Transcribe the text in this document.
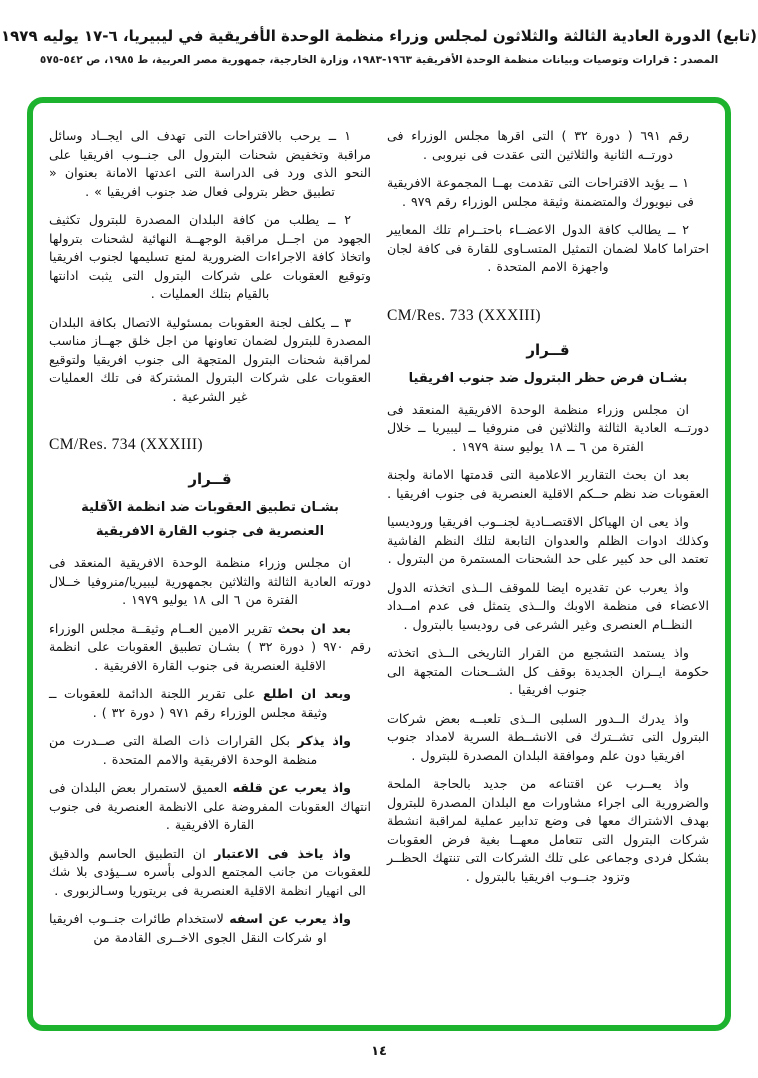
(تابع) الدورة العادية الثالثة والثلاثون لمجلس وزراء منظمة الوحدة الأفريقية في ليبيريا، ٦-١٧ يوليه ١٩٧٩
المصدر : قرارات وتوصيات وبيانات منظمة الوحدة الأفريقية ١٩٦٣-١٩٨٣، وزارة الخارجية، جمهورية مصر العربية، ط ١٩٨٥، ص ٥٤٢-٥٧٥

رقم ٦٩١ ( دورة ٣٢ ) التى اقرها مجلس الوزراء فى دورتــه الثانية والثلاثين التى عقدت فى نيروبى .

١ ــ يؤيد الاقتراحات التى تقدمت بهــا المجموعة الافريقية فى نيويورك والمتضمنة وثيقة مجلس الوزراء رقم ٩٧٩ .

٢ ــ يطالب كافة الدول الاعضــاء باحتــرام تلك المعايير احتراما كاملا لضمان التمثيل المتسـاوى للقارة فى كافة لجان واجهزة الامم المتحدة .

CM/Res. 733 (XXXIII)
قــرار
بشـان فرض حظر البترول ضد جنوب افريقيا

ان مجلس وزراء منظمة الوحدة الافريقية المنعقد فى دورتــه العادية الثالثة والثلاثين فى منروفيا ــ ليبيريا ــ خلال الفترة من ٦ ــ ١٨ يوليو سنة ١٩٧٩ .

بعد ان بحث التقارير الاعلامية التى قدمتها الامانة ولجنة العقوبات ضد نظم حــكم الاقلية العنصرية فى جنوب افريقيا .

واذ يعى ان الهياكل الاقتصــادية لجنــوب افريقيا وروديسيا وكذلك ادوات الظلم والعدوان التابعة لتلك النظم الفاشية تعتمد الى حد كبير على حد الشحنات المستمرة من البترول .

واذ يعرب عن تقديره ايضا للموقف الــذى اتخذته الدول الاعضاء فى منظمة الاوبك والــذى يتمثل فى عدم امــداد النظــام العنصرى وغير الشرعى فى روديسيا بالبترول .

واذ يستمد التشجيع من القرار التاريخى الــذى اتخذته حكومة ايــران الجديدة بوقف كل الشــحنات المتجهة الى جنوب افريقيا .

واذ يدرك الــدور السلبى الــذى تلعبــه بعض شركات البترول التى تشــترك فى الانشــطة السرية لامداد جنوب افريقيا دون علم وموافقة البلدان المصدرة للبترول .

واذ يعــرب عن اقتناعه من جديد بالحاجة الملحة والضرورية الى اجراء مشاورات مع البلدان المصدرة للبترول بهدف الاشتراك معها فى وضع تدابير عملية لمراقبة انشطة شركات البترول التى تتعامل معهــا بغية فرض العقوبات بشكل فردى وجماعى على تلك الشركات التى تنتهك الحظــر وتزود جنــوب افريقيا بالبترول .

١ ــ يرحب بالاقتراحات التى تهدف الى ايجــاد وسائل مراقبة وتخفيض شحنات البترول الى جنــوب افريقيا على النحو الذى ورد فى الدراسة التى اعدتها الامانة بعنوان « تطبيق حظر بترولى فعال ضد جنوب افريقيا » .

٢ ــ يطلب من كافة البلدان المصدرة للبترول تكثيف الجهود من اجــل مراقبة الوجهــة النهائية لشحنات بترولها واتخاذ كافة الاجراءات الضرورية لمنع تسليمها لجنوب افريقيا وتوقيع العقوبات على شركات البترول التى يثبت ادانتها بالقيام بتلك العمليات .

٣ ــ يكلف لجنة العقوبات بمسئولية الاتصال بكافة البلدان المصدرة للبترول لضمان تعاونها من اجل خلق جهــاز مناسب لمراقبة شحنات البترول المتجهة الى جنوب افريقيا ولتوقيع العقوبات على شركات البترول المشتركة فى تلك العمليات غير الشرعية .

CM/Res. 734 (XXXIII)
قــرار
بشـان تطبيق العقوبات ضد انظمة الآقلية
العنصرية فى جنوب القارة الافريقية

ان مجلس وزراء منظمة الوحدة الافريقية المنعقد فى دورته العادية الثالثة والثلاثين بجمهورية ليبيريا/منروفيا خــلال الفترة من ٦ الى ١٨ يوليو ١٩٧٩ .

بعد ان بحث تقرير الامين العــام وثيقــة مجلس الوزراء رقم ٩٧٠ ( دورة ٣٢ ) بشـان تطبيق العقوبات على انظمة الاقلية العنصرية فى جنوب القارة الافريقية .

وبعد ان اطلع على تقرير اللجنة الدائمة للعقوبات ــ وثيقة مجلس الوزراء رقم ٩٧١ ( دورة ٣٢ ) .

واذ يذكر بكل القرارات ذات الصلة التى صــدرت من منظمة الوحدة الافريقية والامم المتحدة .

واذ يعرب عن قلقه العميق لاستمرار بعض البلدان فى انتهاك العقوبات المفروضة على الانظمة العنصرية فى جنوب القارة الافريقية .

واذ ياخذ فى الاعتبار ان التطبيق الحاسم والدقيق للعقوبات من جانب المجتمع الدولى بأسره ســيؤدى بلا شك الى انهيار انظمة الاقلية العنصرية فى بريتوريا وسـالزبورى .

واذ يعرب عن اسفه لاستخدام طائرات جنــوب افريقيا او شركات النقل الجوى الاخــرى القادمة من

١٤
